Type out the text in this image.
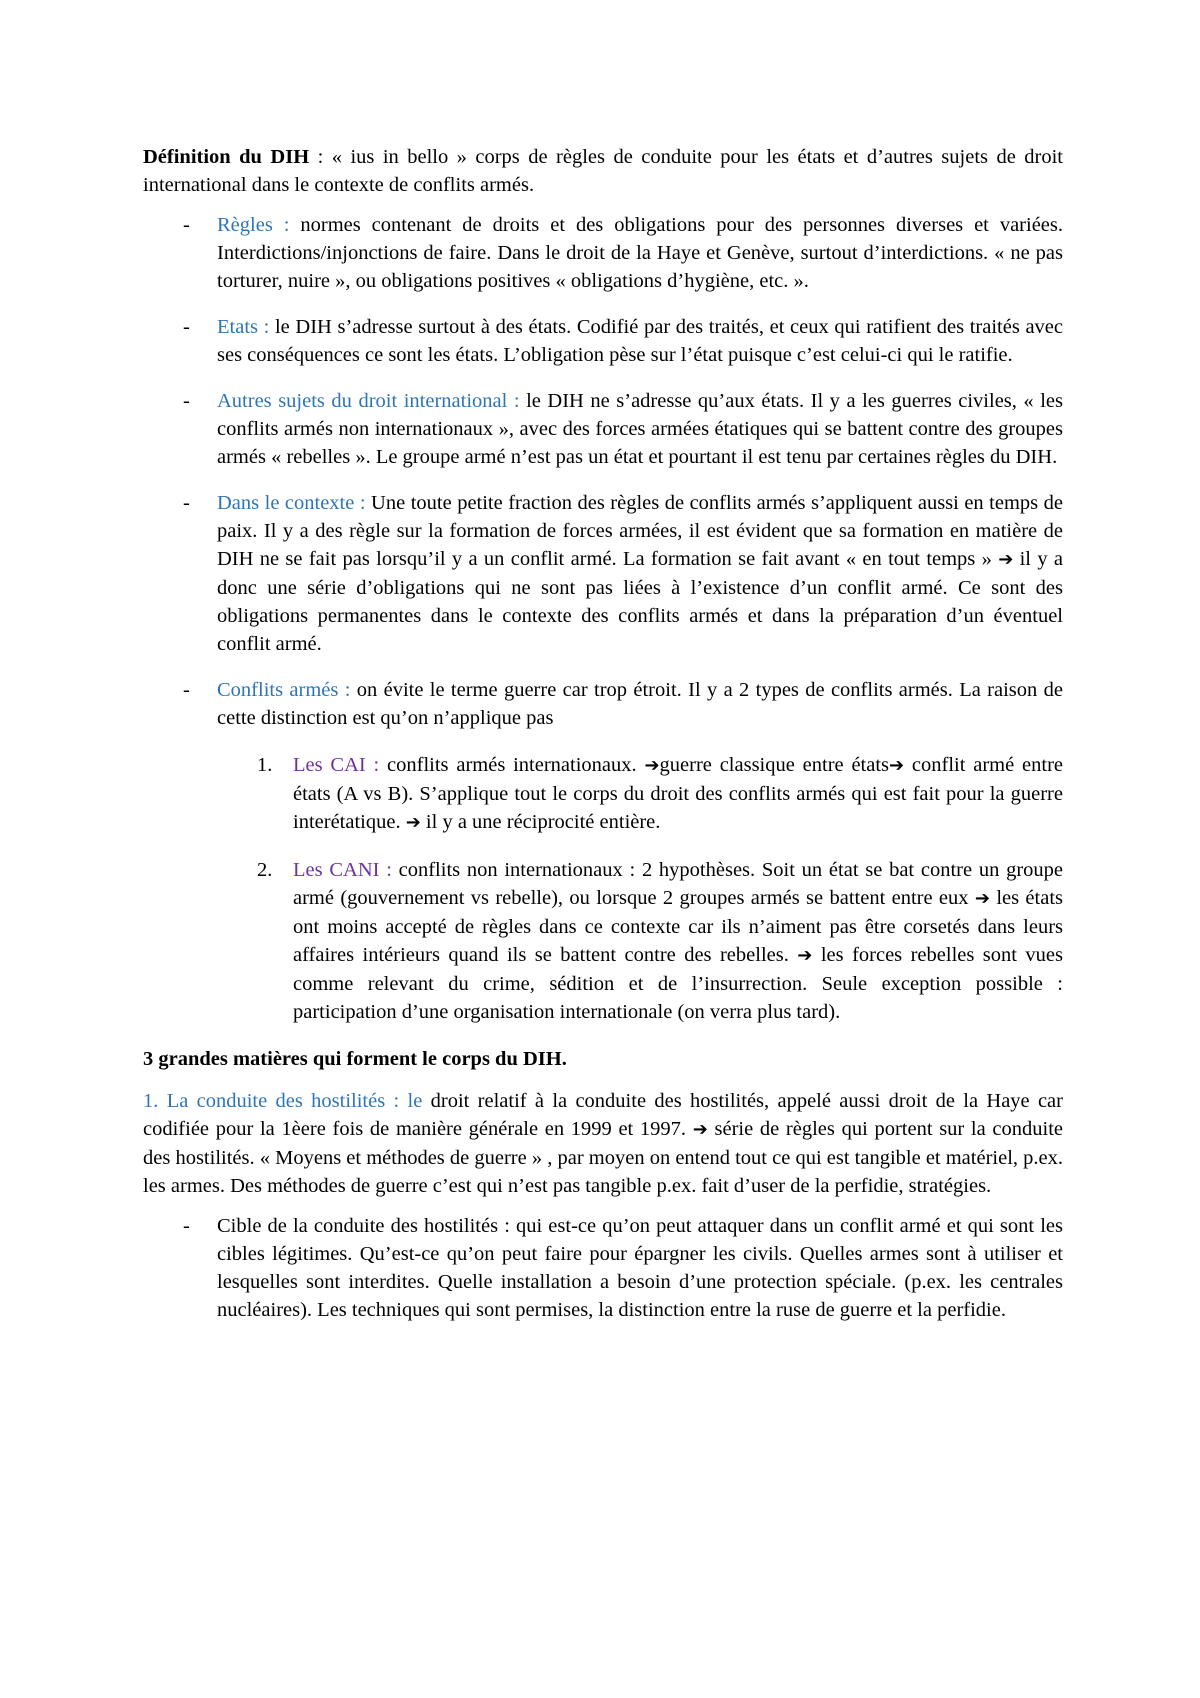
Définition du DIH : « ius in bello » corps de règles de conduite pour les états et d’autres sujets de droit international dans le contexte de conflits armés.

- Règles : normes contenant de droits et des obligations pour des personnes diverses et variées. Interdictions/injonctions de faire. Dans le droit de la Haye et Genève, surtout d’interdictions. « ne pas torturer, nuire », ou obligations positives « obligations d’hygiène, etc. ».

- Etats : le DIH s’adresse surtout à des états. Codifié par des traités, et ceux qui ratifient des traités avec ses conséquences ce sont les états. L’obligation pèse sur l’état puisque c’est celui-ci qui le ratifie.

- Autres sujets du droit international : le DIH ne s’adresse qu’aux états. Il y a les guerres civiles, « les conflits armés non internationaux », avec des forces armées étatiques qui se battent contre des groupes armés « rebelles ». Le groupe armé n’est pas un état et pourtant il est tenu par certaines règles du DIH.

- Dans le contexte : Une toute petite fraction des règles de conflits armés s’appliquent aussi en temps de paix. Il y a des règle sur la formation de forces armées, il est évident que sa formation en matière de DIH ne se fait pas lorsqu’il y a un conflit armé. La formation se fait avant « en tout temps » ➔ il y a donc une série d’obligations qui ne sont pas liées à l’existence d’un conflit armé. Ce sont des obligations permanentes dans le contexte des conflits armés et dans la préparation d’un éventuel conflit armé.

- Conflits armés : on évite le terme guerre car trop étroit. Il y a 2 types de conflits armés. La raison de cette distinction est qu’on n’applique pas

1. Les CAI : conflits armés internationaux. ➔guerre classique entre états➔ conflit armé entre états (A vs B). S’applique tout le corps du droit des conflits armés qui est fait pour la guerre interétatique. ➔ il y a une réciprocité entière.

2. Les CANI : conflits non internationaux : 2 hypothèses. Soit un état se bat contre un groupe armé (gouvernement vs rebelle), ou lorsque 2 groupes armés se battent entre eux ➔ les états ont moins accepté de règles dans ce contexte car ils n’aiment pas être corsetés dans leurs affaires intérieurs quand ils se battent contre des rebelles. ➔ les forces rebelles sont vues comme relevant du crime, sédition et de l’insurrection. Seule exception possible : participation d’une organisation internationale (on verra plus tard).

3 grandes matières qui forment le corps du DIH.

1. La conduite des hostilités : le droit relatif à la conduite des hostilités, appelé aussi droit de la Haye car codifiée pour la 1èere fois de manière générale en 1999 et 1997. ➔ série de règles qui portent sur la conduite des hostilités. « Moyens et méthodes de guerre » , par moyen on entend tout ce qui est tangible et matériel, p.ex. les armes. Des méthodes de guerre c’est qui n’est pas tangible p.ex. fait d’user de la perfidie, stratégies.

- Cible de la conduite des hostilités : qui est-ce qu’on peut attaquer dans un conflit armé et qui sont les cibles légitimes. Qu’est-ce qu’on peut faire pour épargner les civils. Quelles armes sont à utiliser et lesquelles sont interdites. Quelle installation a besoin d’une protection spéciale. (p.ex. les centrales nucléaires). Les techniques qui sont permises, la distinction entre la ruse de guerre et la perfidie.
